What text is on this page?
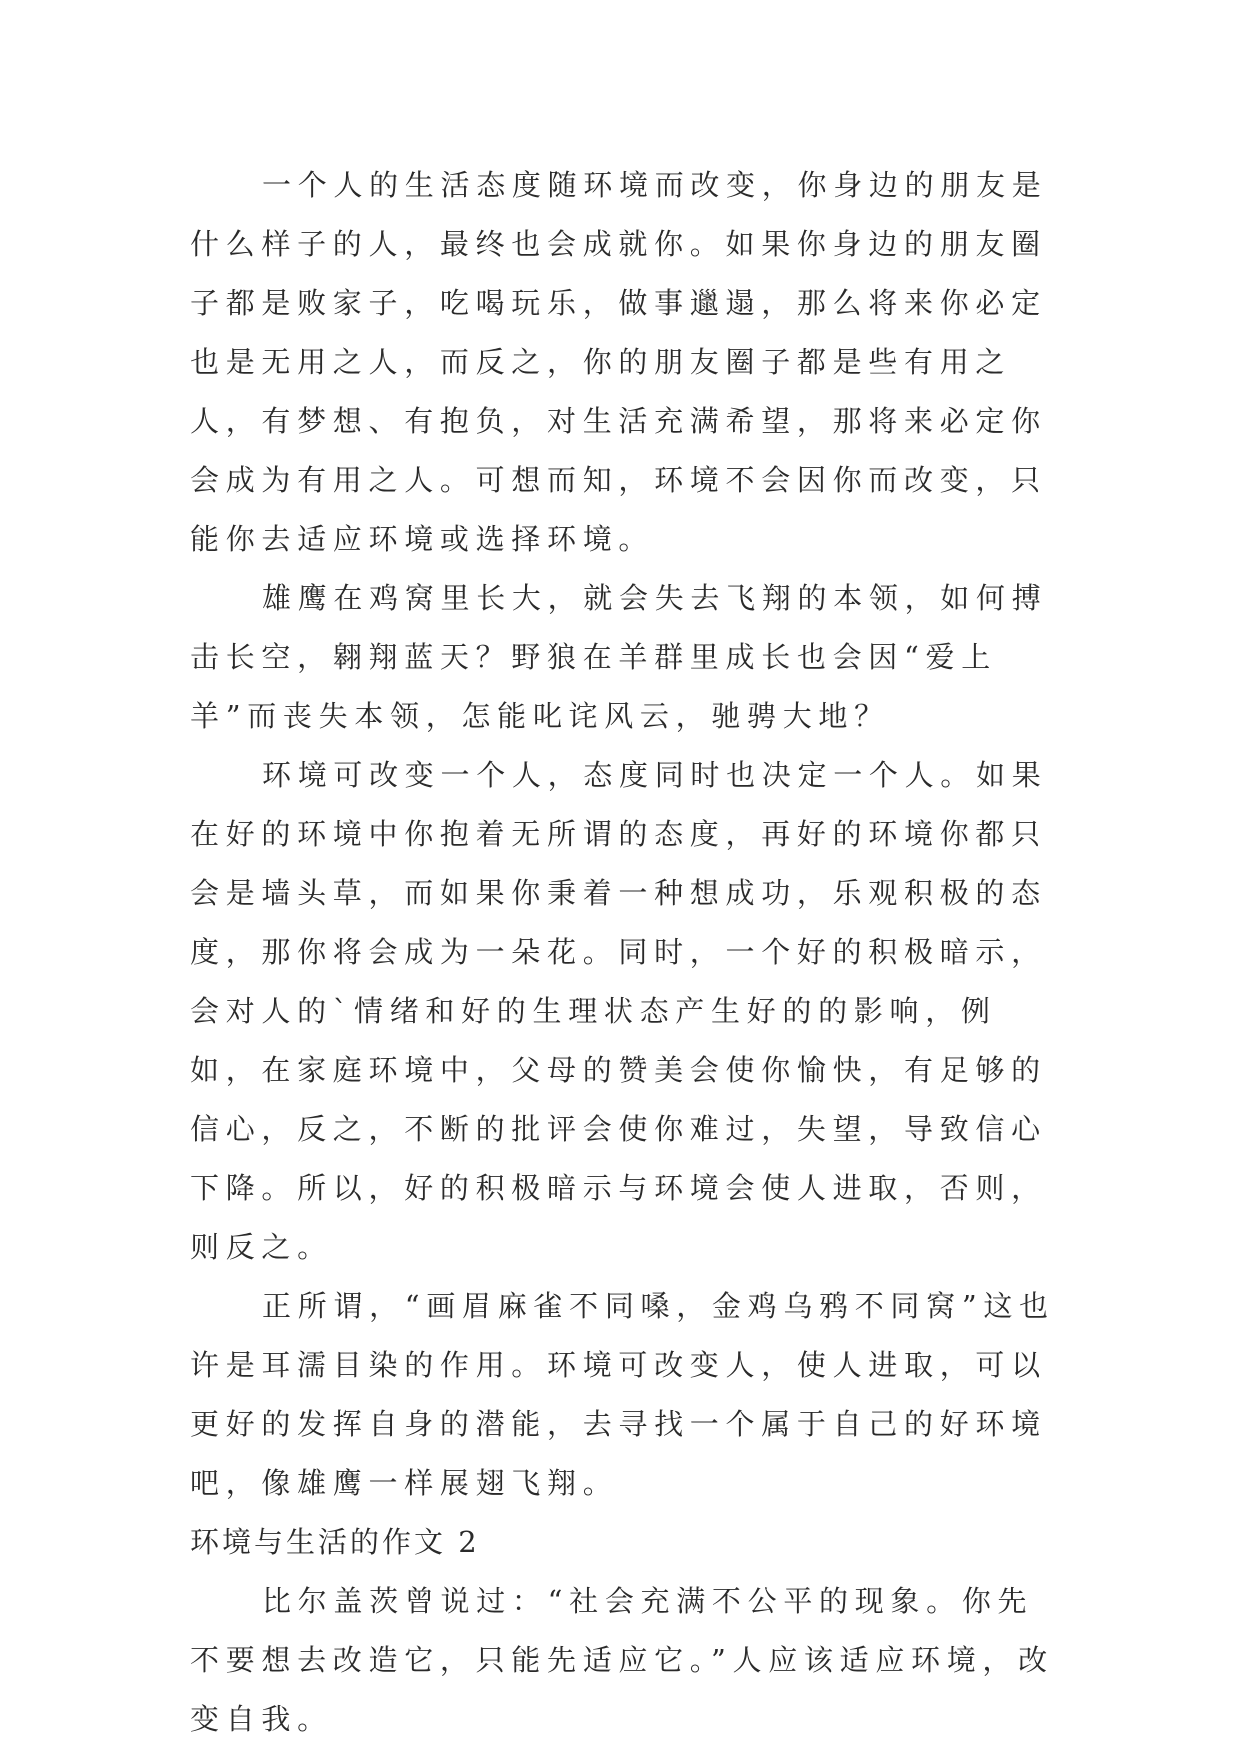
一个人的生活态度随环境而改变，你身边的朋友是什么样子的人，最终也会成就你。如果你身边的朋友圈子都是败家子，吃喝玩乐，做事邋遢，那么将来你必定也是无用之人，而反之，你的朋友圈子都是些有用之人，有梦想、有抱负，对生活充满希望，那将来必定你会成为有用之人。可想而知，环境不会因你而改变，只能你去适应环境或选择环境。

雄鹰在鸡窝里长大，就会失去飞翔的本领，如何搏击长空，翱翔蓝天？野狼在羊群里成长也会因“爱上羊”而丧失本领，怎能叱诧风云，驰骋大地？

环境可改变一个人，态度同时也决定一个人。如果在好的环境中你抱着无所谓的态度，再好的环境你都只会是墙头草，而如果你秉着一种想成功，乐观积极的态度，那你将会成为一朵花。同时，一个好的积极暗示，会对人的`情绪和好的生理状态产生好的的影响，例如，在家庭环境中，父母的赞美会使你愉快，有足够的信心，反之，不断的批评会使你难过，失望，导致信心下降。所以，好的积极暗示与环境会使人进取，否则，则反之。

正所谓，“画眉麻雀不同嗓，金鸡乌鸦不同窝”这也许是耳濡目染的作用。环境可改变人，使人进取，可以更好的发挥自身的潜能，去寻找一个属于自己的好环境吧，像雄鹰一样展翅飞翔。

环境与生活的作文 2

比尔盖茨曾说过：“社会充满不公平的现象。你先不要想去改造它，只能先适应它。”人应该适应环境，改变自我。
